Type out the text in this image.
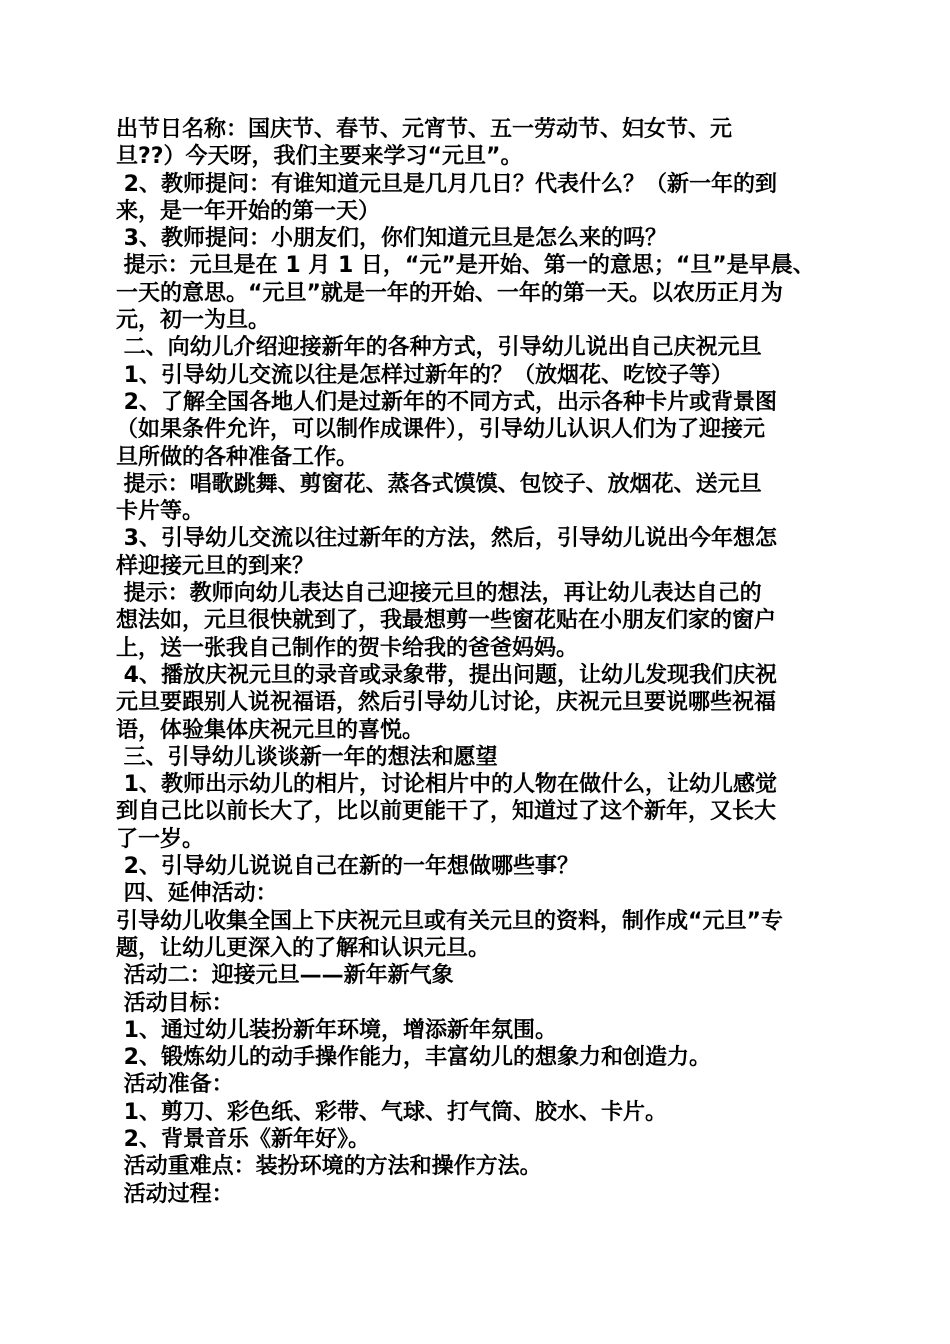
出节日名称：国庆节、春节、元宵节、五一劳动节、妇女节、元
旦??）今天呀，我们主要来学习“元旦”。
2、教师提问：有谁知道元旦是几月几日？代表什么？（新一年的到
来，是一年开始的第一天）
3、教师提问：小朋友们，你们知道元旦是怎么来的吗？
提示：元旦是在 1 月 1 日，“元”是开始、第一的意思；“旦”是早晨、
一天的意思。“元旦”就是一年的开始、一年的第一天。以农历正月为
元，初一为旦。
二、向幼儿介绍迎接新年的各种方式，引导幼儿说出自己庆祝元旦
1、引导幼儿交流以往是怎样过新年的？（放烟花、吃饺子等）
2、了解全国各地人们是过新年的不同方式，出示各种卡片或背景图
（如果条件允许，可以制作成课件），引导幼儿认识人们为了迎接元
旦所做的各种准备工作。
提示：唱歌跳舞、剪窗花、蒸各式馍馍、包饺子、放烟花、送元旦
卡片等。
3、引导幼儿交流以往过新年的方法，然后，引导幼儿说出今年想怎
样迎接元旦的到来？
提示：教师向幼儿表达自己迎接元旦的想法，再让幼儿表达自己的
想法如，元旦很快就到了，我最想剪一些窗花贴在小朋友们家的窗户
上，送一张我自己制作的贺卡给我的爸爸妈妈。
4、播放庆祝元旦的录音或录象带，提出问题，让幼儿发现我们庆祝
元旦要跟别人说祝福语，然后引导幼儿讨论，庆祝元旦要说哪些祝福
语，体验集体庆祝元旦的喜悦。
三、引导幼儿谈谈新一年的想法和愿望
1、教师出示幼儿的相片，讨论相片中的人物在做什么，让幼儿感觉
到自己比以前长大了，比以前更能干了，知道过了这个新年，又长大
了一岁。
2、引导幼儿说说自己在新的一年想做哪些事？
四、延伸活动：
引导幼儿收集全国上下庆祝元旦或有关元旦的资料，制作成“元旦”专
题，让幼儿更深入的了解和认识元旦。
活动二：迎接元旦——新年新气象
活动目标：
1、通过幼儿装扮新年环境，增添新年氛围。
2、锻炼幼儿的动手操作能力，丰富幼儿的想象力和创造力。
活动准备：
1、剪刀、彩色纸、彩带、气球、打气筒、胶水、卡片。
2、背景音乐《新年好》。
活动重难点：装扮环境的方法和操作方法。
活动过程：
